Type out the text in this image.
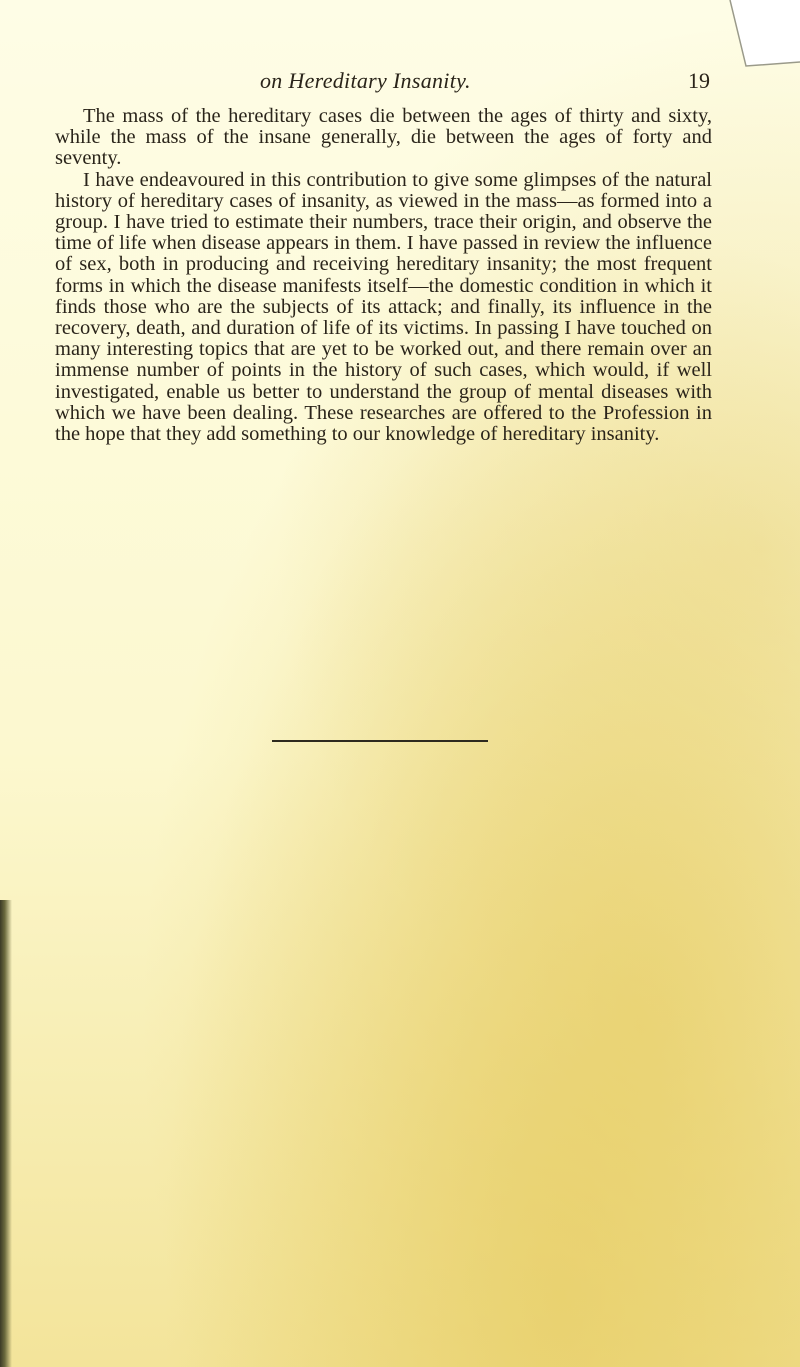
on Hereditary Insanity.	19

The mass of the hereditary cases die between the ages of thirty and sixty, while the mass of the insane generally, die between the ages of forty and seventy.

I have endeavoured in this contribution to give some glimpses of the natural history of hereditary cases of insanity, as viewed in the mass—as formed into a group. I have tried to estimate their numbers, trace their origin, and observe the time of life when disease appears in them. I have passed in review the influence of sex, both in producing and receiving hereditary insanity; the most frequent forms in which the disease manifests itself—the domestic condition in which it finds those who are the subjects of its attack; and finally, its influence in the recovery, death, and duration of life of its victims. In passing I have touched on many interesting topics that are yet to be worked out, and there remain over an immense number of points in the history of such cases, which would, if well investigated, enable us better to understand the group of mental diseases with which we have been dealing. These researches are offered to the Profession in the hope that they add something to our knowledge of hereditary insanity.
